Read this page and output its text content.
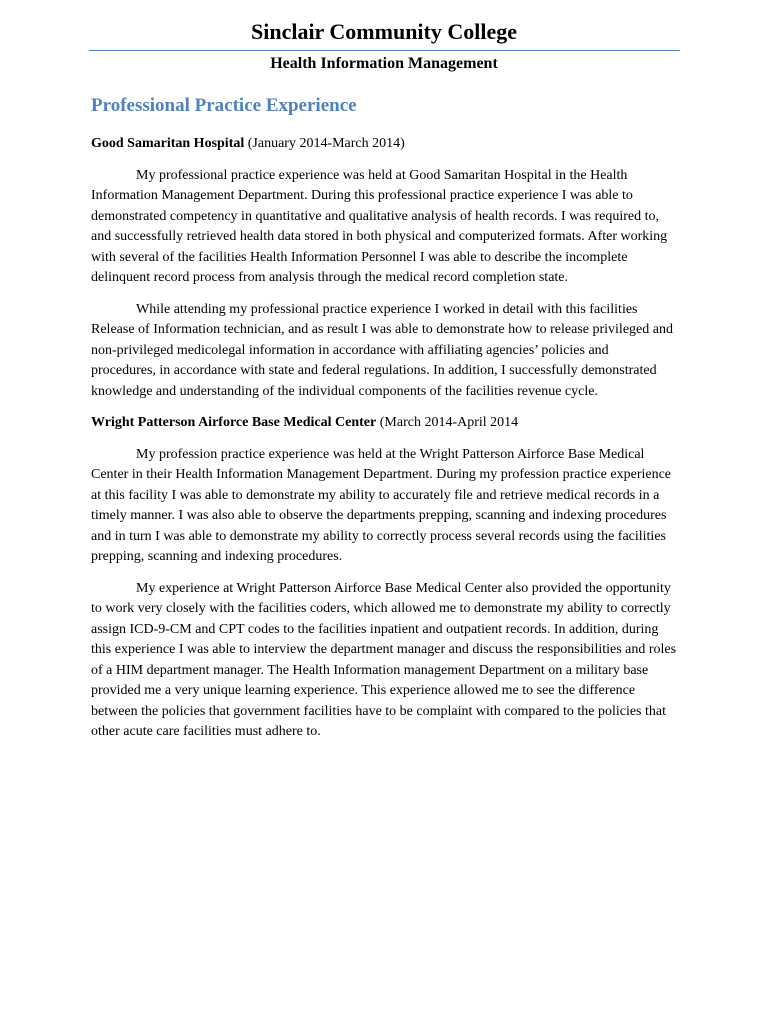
Sinclair Community College
Health Information Management
Professional Practice Experience

Good Samaritan Hospital (January 2014-March 2014)

My professional practice experience was held at Good Samaritan Hospital in the Health Information Management Department. During this professional practice experience I was able to demonstrated competency in quantitative and qualitative analysis of health records. I was required to, and successfully retrieved health data stored in both physical and computerized formats. After working with several of the facilities Health Information Personnel I was able to describe the incomplete delinquent record process from analysis through the medical record completion state.

While attending my professional practice experience I worked in detail with this facilities Release of Information technician, and as result I was able to demonstrate how to release privileged and non-privileged medicolegal information in accordance with affiliating agencies’ policies and procedures, in accordance with state and federal regulations. In addition, I successfully demonstrated knowledge and understanding of the individual components of the facilities revenue cycle.

Wright Patterson Airforce Base Medical Center (March 2014-April 2014

My profession practice experience was held at the Wright Patterson Airforce Base Medical Center in their Health Information Management Department. During my profession practice experience at this facility I was able to demonstrate my ability to accurately file and retrieve medical records in a timely manner. I was also able to observe the departments prepping, scanning and indexing procedures and in turn I was able to demonstrate my ability to correctly process several records using the facilities prepping, scanning and indexing procedures.

My experience at Wright Patterson Airforce Base Medical Center also provided the opportunity to work very closely with the facilities coders, which allowed me to demonstrate my ability to correctly assign ICD-9-CM and CPT codes to the facilities inpatient and outpatient records. In addition, during this experience I was able to interview the department manager and discuss the responsibilities and roles of a HIM department manager. The Health Information management Department on a military base provided me a very unique learning experience. This experience allowed me to see the difference between the policies that government facilities have to be complaint with compared to the policies that other acute care facilities must adhere to.
